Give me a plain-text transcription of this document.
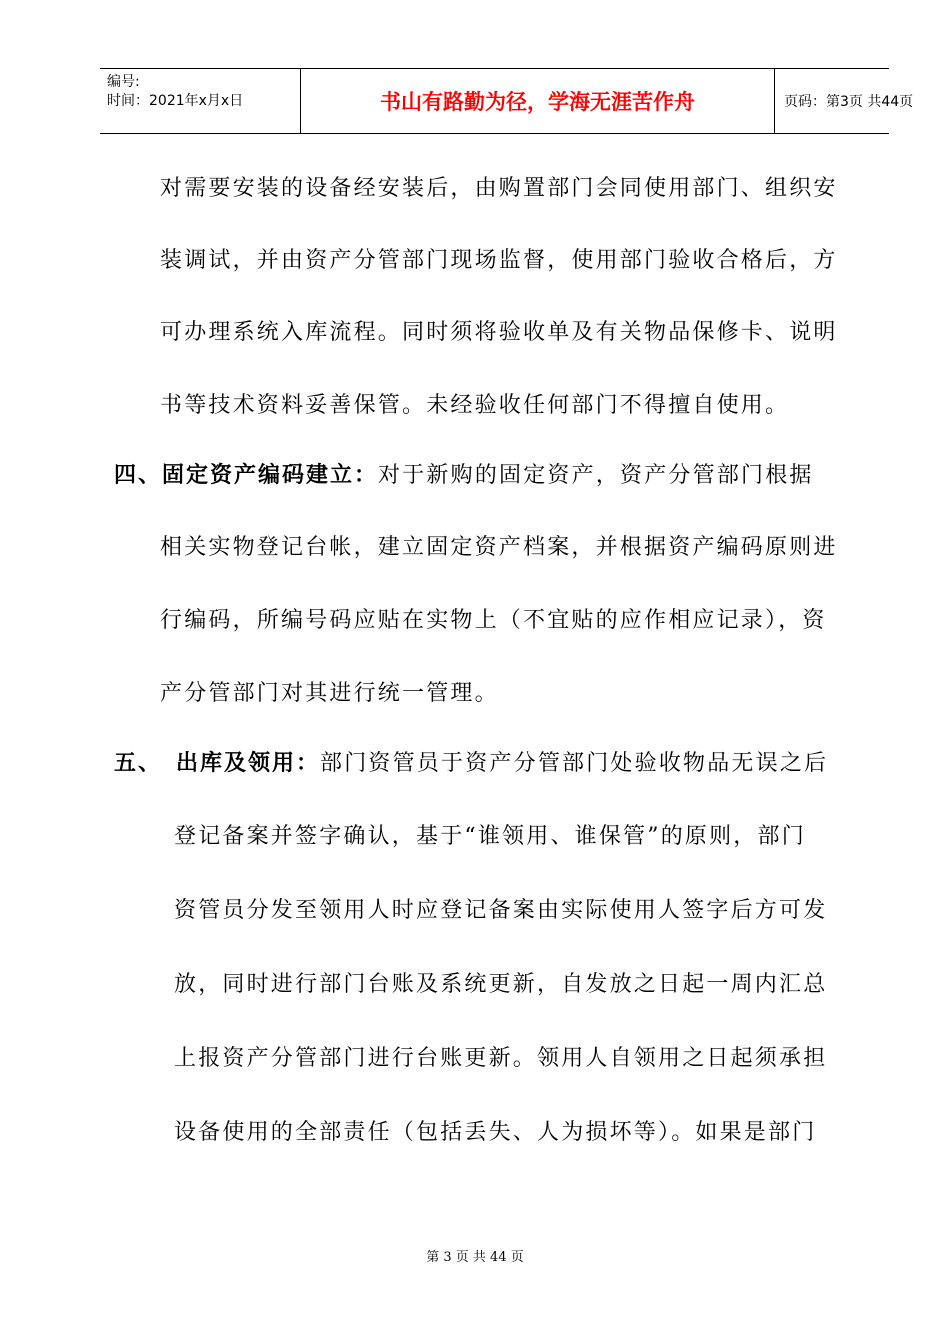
编号:
时间：2021年x月x日	书山有路勤为径，学海无涯苦作舟	页码：第3页 共44页
对需要安装的设备经安装后，由购置部门会同使用部门、组织安
装调试，并由资产分管部门现场监督，使用部门验收合格后，方
可办理系统入库流程。同时须将验收单及有关物品保修卡、说明
书等技术资料妥善保管。未经验收任何部门不得擅自使用。
四、固定资产编码建立：对于新购的固定资产，资产分管部门根据
相关实物登记台帐，建立固定资产档案，并根据资产编码原则进
行编码，所编号码应贴在实物上（不宜贴的应作相应记录），资
产分管部门对其进行统一管理。
五、 出库及领用：部门资管员于资产分管部门处验收物品无误之后
登记备案并签字确认，基于“谁领用、谁保管”的原则，部门
资管员分发至领用人时应登记备案由实际使用人签字后方可发
放，同时进行部门台账及系统更新，自发放之日起一周内汇总
上报资产分管部门进行台账更新。领用人自领用之日起须承担
设备使用的全部责任（包括丢失、人为损坏等）。如果是部门
第 3 页 共 44 页
